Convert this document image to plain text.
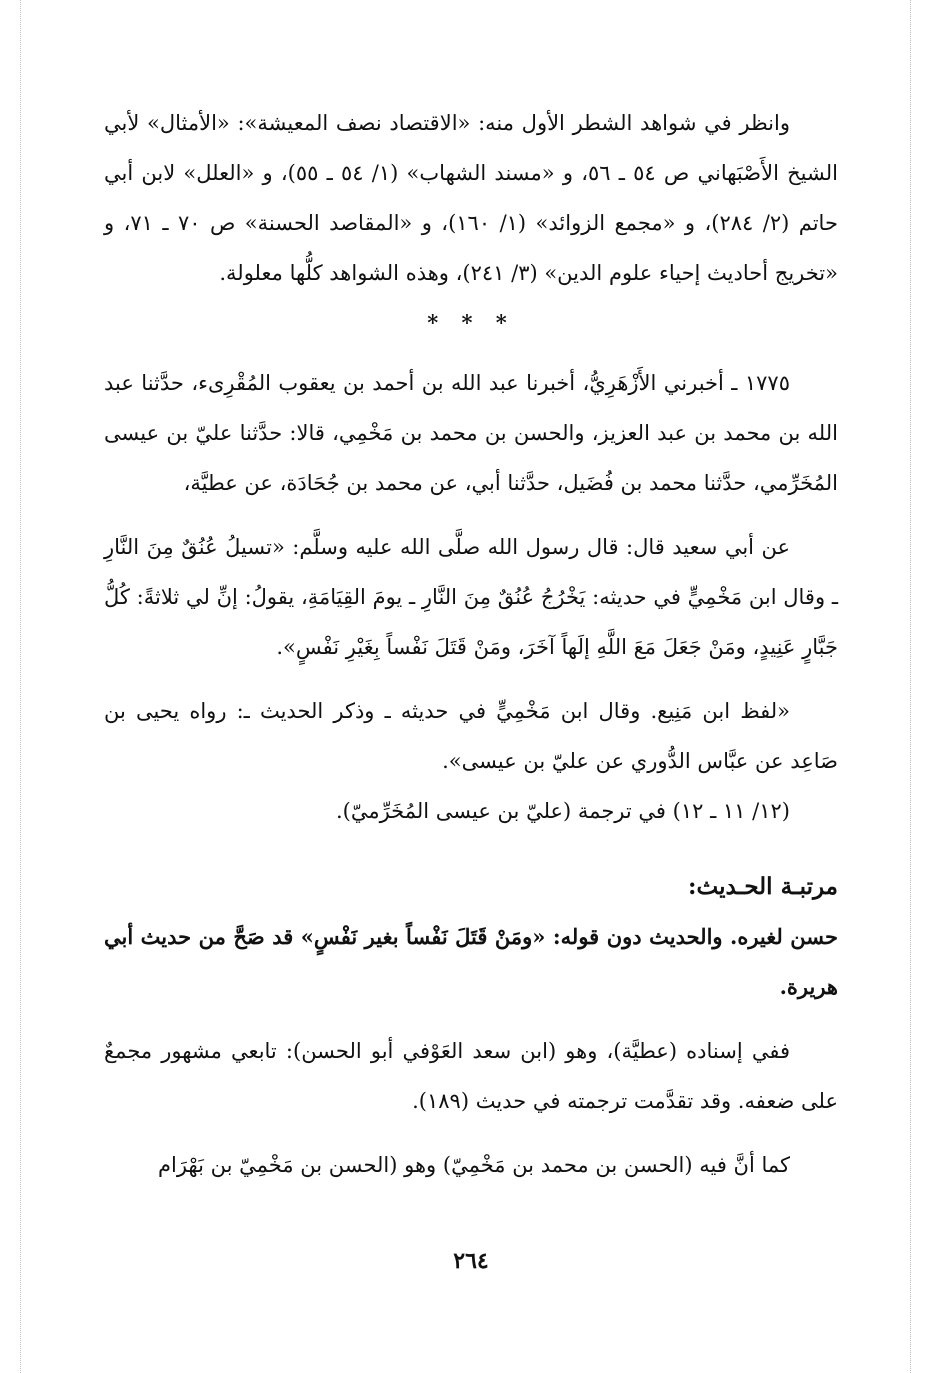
وانظر في شواهد الشطر الأول منه: «الاقتصاد نصف المعيشة»: «الأمثال» لأبي الشيخ الأَصْبَهاني ص ٥٤ ـ ٥٦، و «مسند الشهاب» (١/ ٥٤ ـ ٥٥)، و «العلل» لابن أبي حاتم (٢/ ٢٨٤)، و «مجمع الزوائد» (١/ ١٦٠)، و «المقاصد الحسنة» ص ٧٠ ـ ٧١، و «تخريج أحاديث إحياء علوم الدين» (٣/ ٢٤١)، وهذه الشواهد كلُّها معلولة.

* * *

١٧٧٥ ـ أخبرني الأَزْهَرِيُّ، أخبرنا عبد الله بن أحمد بن يعقوب المُقْرِىء، حدَّثنا عبد الله بن محمد بن عبد العزيز، والحسن بن محمد بن مَخْمِي، قالا: حدَّثنا عليّ بن عيسى المُخَرِّمي، حدَّثنا محمد بن فُضَيل، حدَّثنا أبي، عن محمد بن جُحَادَة، عن عطيَّة،

عن أبي سعيد قال: قال رسول الله صلَّى الله عليه وسلَّم: «تسيلُ عُنُقٌ مِنَ النَّارِ ـ وقال ابن مَخْمِيٍّ في حديثه: يَخْرُجُ عُنُقٌ مِنَ النَّارِ ـ يومَ القِيَامَةِ، يقولُ: إنِّ لي ثلاثةً: كُلُّ جَبَّارٍ عَنِيدٍ، ومَنْ جَعَلَ مَعَ اللَّهِ إلَهاً آخَرَ، ومَنْ قَتَلَ نَفْساً بِغَيْرِ نَفْسٍ».

«لفظ ابن مَنِيع. وقال ابن مَخْمِيٍّ في حديثه ـ وذكر الحديث ـ: رواه يحيى بن صَاعِد عن عبَّاس الدُّوري عن عليّ بن عيسى».

(١٢/ ١١ ـ ١٢) في ترجمة (عليّ بن عيسى المُخَرِّميّ).

مرتبـة الحـديث:

حسن لغيره. والحديث دون قوله: «ومَنْ قَتَلَ نَفْساً بغير نَفْسٍ» قد صَحَّ من حديث أبي هريرة.

ففي إسناده (عطيَّة)، وهو (ابن سعد العَوْفي أبو الحسن): تابعي مشهور مجمعٌ على ضعفه. وقد تقدَّمت ترجمته في حديث (١٨٩).

كما أنَّ فيه (الحسن بن محمد بن مَخْمِيّ) وهو (الحسن بن مَخْمِيّ بن بَهْرَام

٢٦٤
